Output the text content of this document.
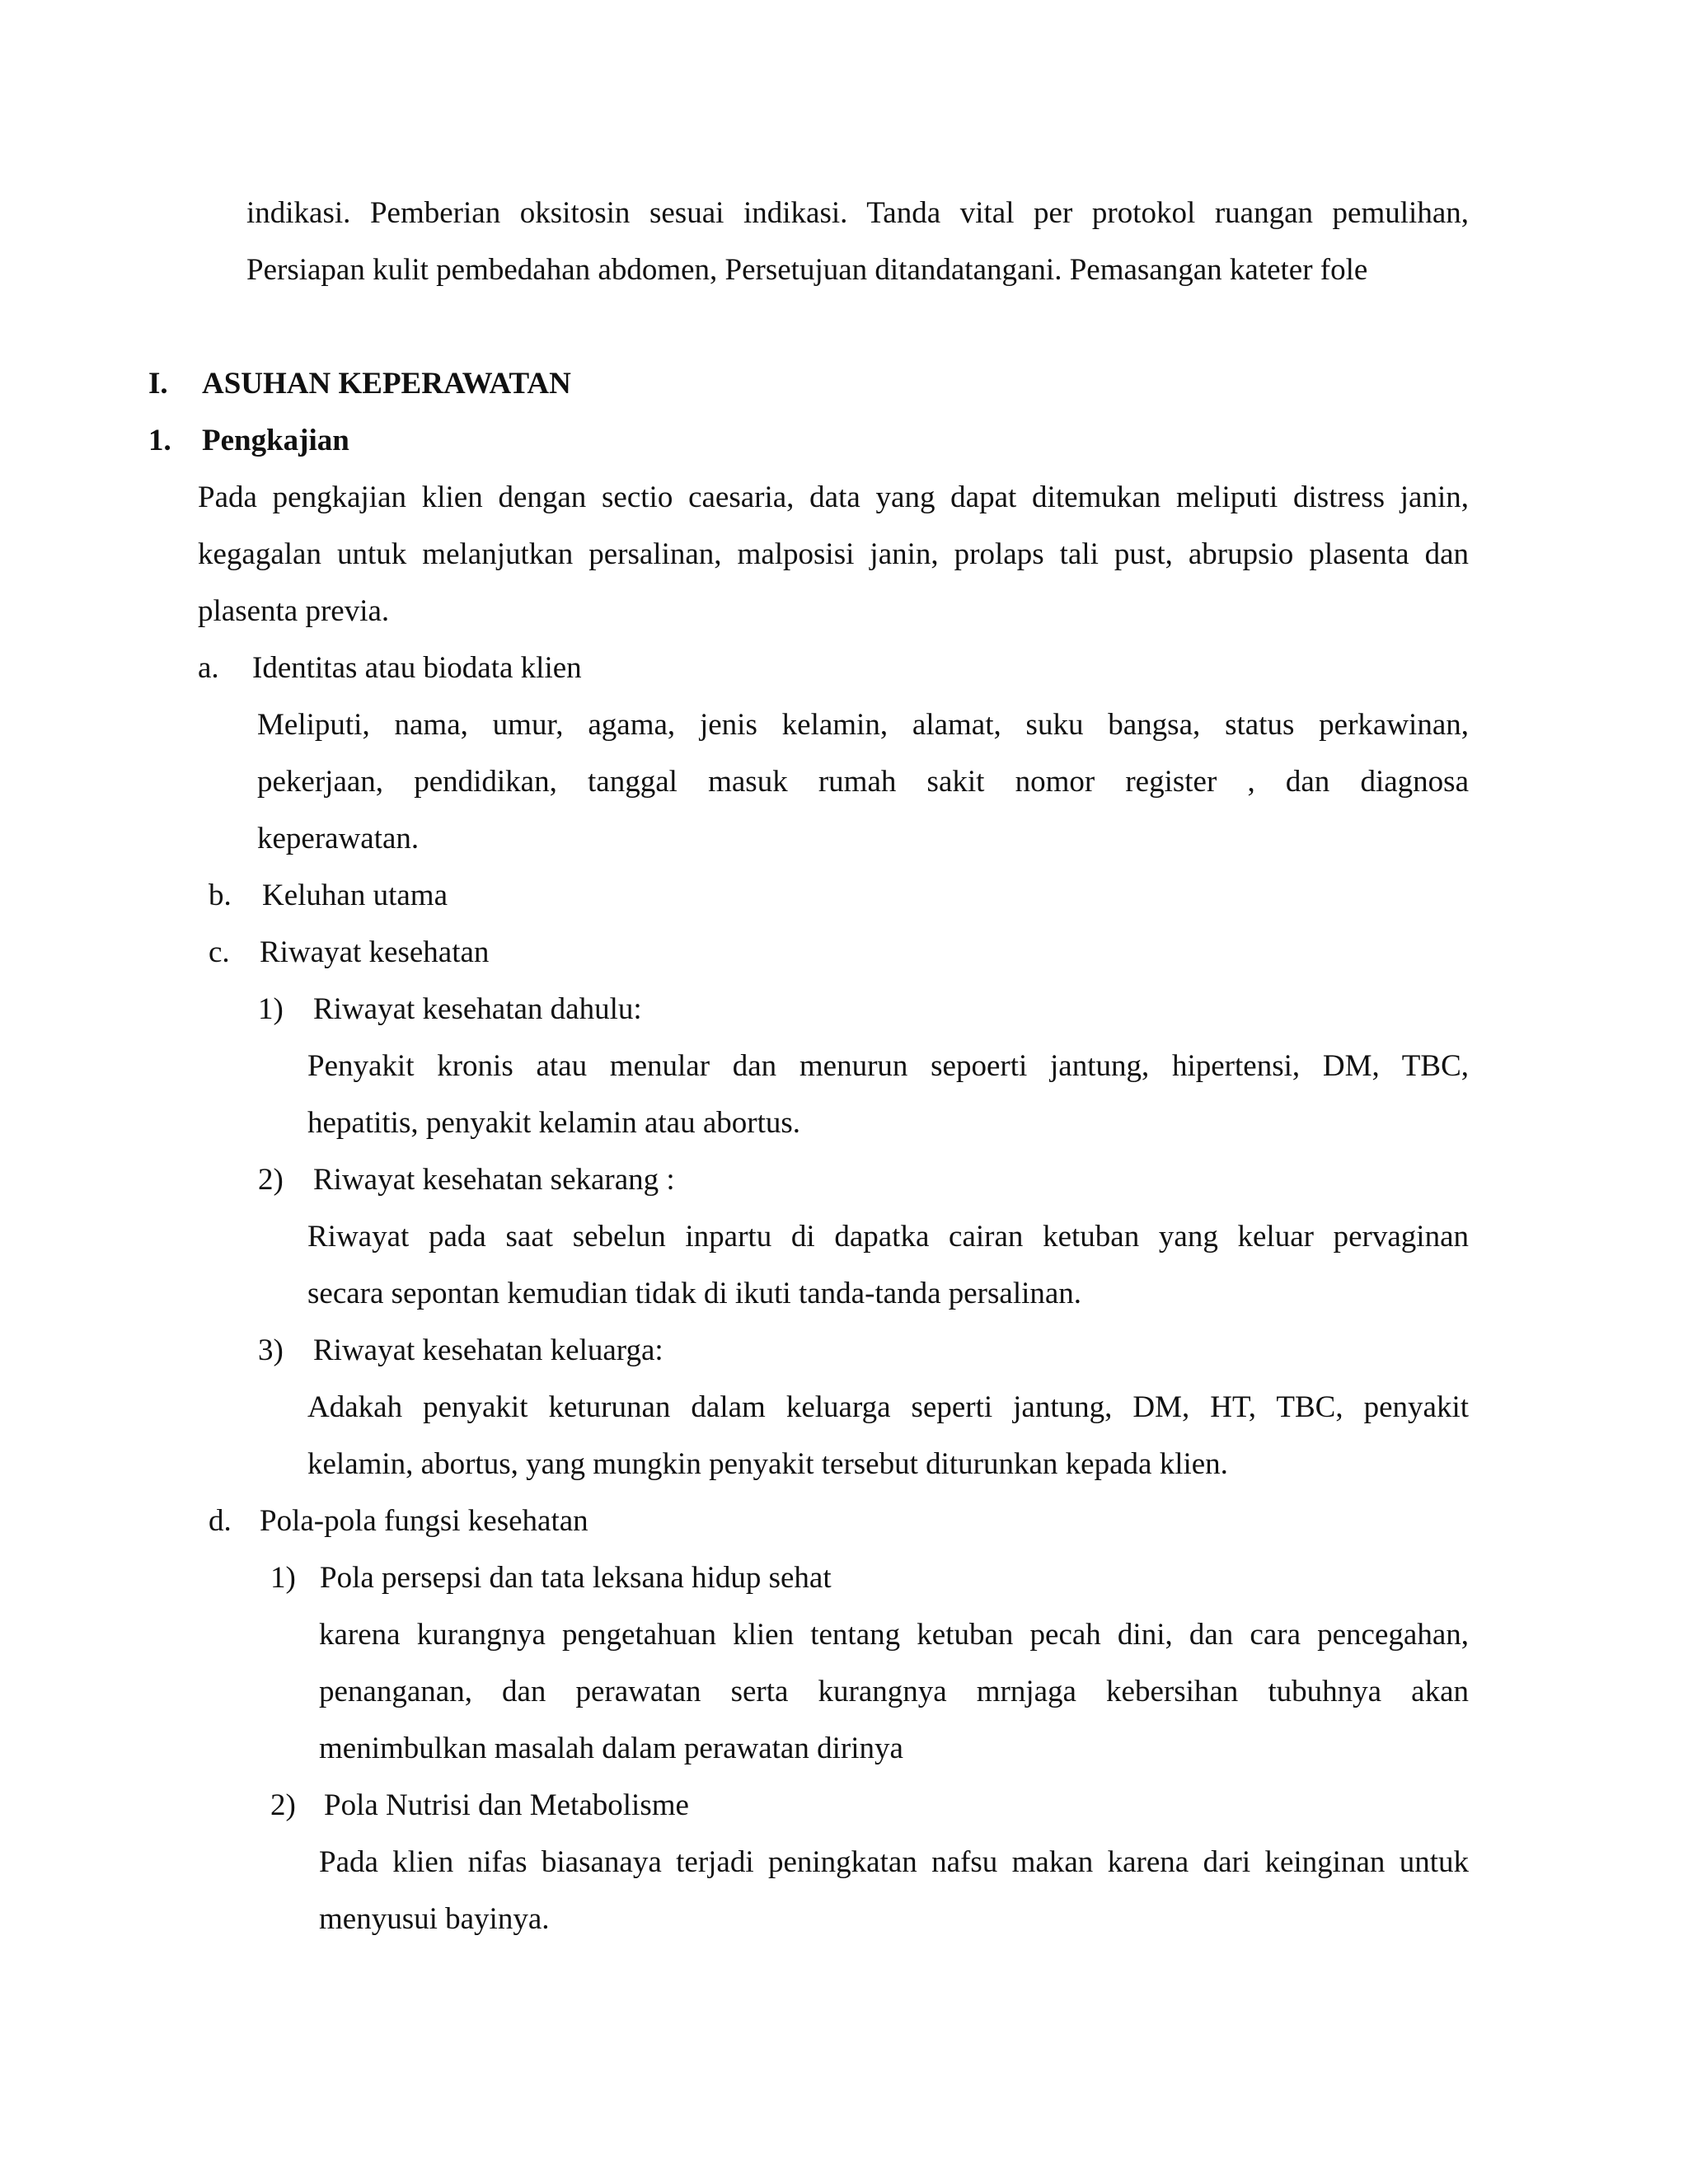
indikasi. Pemberian oksitosin sesuai indikasi. Tanda vital per protokol ruangan pemulihan,
Persiapan kulit pembedahan abdomen, Persetujuan ditandatangani. Pemasangan kateter fole
I. ASUHAN KEPERAWATAN
1. Pengkajian
Pada pengkajian klien dengan sectio caesaria, data yang dapat ditemukan meliputi distress janin,
kegagalan untuk melanjutkan persalinan, malposisi janin, prolaps tali pust, abrupsio plasenta dan
plasenta previa.
a. Identitas atau biodata klien
Meliputi, nama, umur, agama, jenis kelamin, alamat, suku bangsa, status perkawinan,
pekerjaan, pendidikan, tanggal masuk rumah sakit nomor register , dan diagnosa
keperawatan.
b. Keluhan utama
c. Riwayat kesehatan
1) Riwayat kesehatan dahulu:
Penyakit kronis atau menular dan menurun sepoerti jantung, hipertensi, DM, TBC,
hepatitis, penyakit kelamin atau abortus.
2) Riwayat kesehatan sekarang :
Riwayat pada saat sebelun inpartu di dapatka cairan ketuban yang keluar pervaginan
secara sepontan kemudian tidak di ikuti tanda-tanda persalinan.
3) Riwayat kesehatan keluarga:
Adakah penyakit keturunan dalam keluarga seperti jantung, DM, HT, TBC, penyakit
kelamin, abortus, yang mungkin penyakit tersebut diturunkan kepada klien.
d. Pola-pola fungsi kesehatan
1) Pola persepsi dan tata leksana hidup sehat
karena kurangnya pengetahuan klien tentang ketuban pecah dini, dan cara pencegahan,
penanganan, dan perawatan serta kurangnya mrnjaga kebersihan tubuhnya akan
menimbulkan masalah dalam perawatan dirinya
2) Pola Nutrisi dan Metabolisme
Pada klien nifas biasanaya terjadi peningkatan nafsu makan karena dari keinginan untuk
menyusui bayinya.
